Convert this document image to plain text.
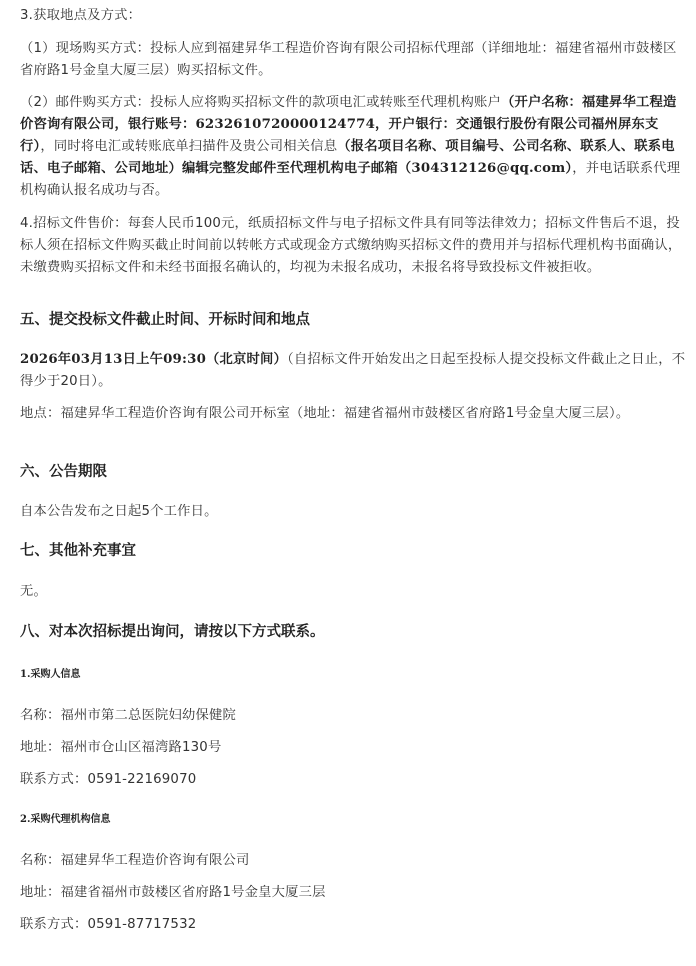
3.获取地点及方式：

（1）现场购买方式：投标人应到福建昇华工程造价咨询有限公司招标代理部（详细地址：福建省福州市鼓楼区省府路1号金皇大厦三层）购买招标文件。

（2）邮件购买方式：投标人应将购买招标文件的款项电汇或转账至代理机构账户（开户名称：福建昇华工程造价咨询有限公司，银行账号：623261072000012477​4，开户银行：交通银行股份有限公司福州屏东支行），同时将电汇或转账底单扫描件及贵公司相关信息（报名项目名称、项目编号、公司名称、联系人、联系电话、电子邮箱、公司地址）编辑完整发邮件至代理机构电子邮箱（304312126@qq.com），并电话联系代理机构确认报名成功与否。

4.招标文件售价：每套人民币100元，纸质招标文件与电子招标文件具有同等法律效力；招标文件售后不退，投标人须在招标文件购买截止时间前以转帐方式或现金方式缴纳购买招标文件的费用并与招标代理机构书面确认，未缴费购买招标文件和未经书面报名确认的，均视为未报名成功，未报名将导致投标文件被拒收。

五、提交投标文件截止时间、开标时间和地点

2026年03月13日上午09:30（北京时间）（自招标文件开始发出之日起至投标人提交投标文件截止之日止，不得少于20日）。

地点：福建昇华工程造价咨询有限公司开标室（地址：福建省福州市鼓楼区省府路1号金皇大厦三层）。

六、公告期限

自本公告发布之日起5个工作日。

七、其他补充事宜

无。

八、对本次招标提出询问，请按以下方式联系。

1.采购人信息

名称：福州市第二总医院妇幼保健院

地址：福州市仓山区福湾路130号

联系方式：0591-22169070

2.采购代理机构信息

名称：福建昇华工程造价咨询有限公司

地址：福建省福州市鼓楼区省府路1号金皇大厦三层

联系方式：0591-87717532
